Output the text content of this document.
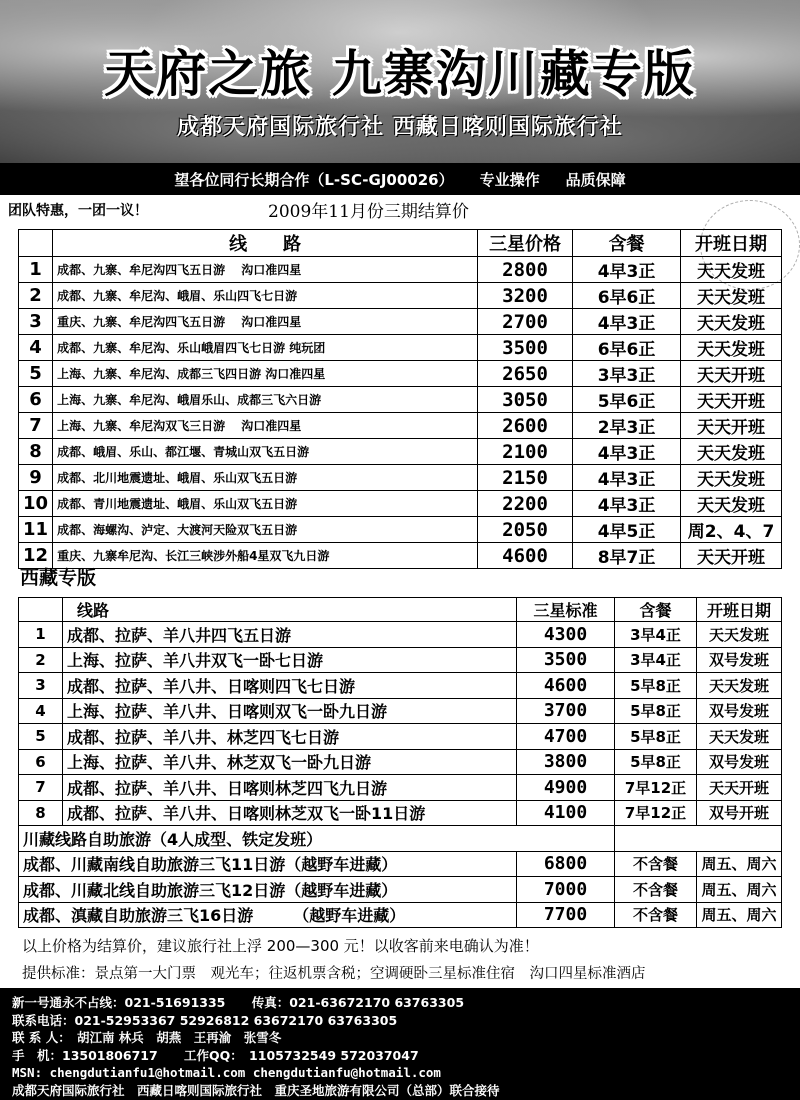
天府之旅 九寨沟川藏专版
成都天府国际旅行社 西藏日喀则国际旅行社
望各位同行长期合作（L-SC-GJ00026） 专业操作 品质保障
团队特惠，一团一议！	2009年11月份三期结算价
	线　　路	三星价格	含餐	开班日期
1	成都、九寨、牟尼沟四飞五日游　 沟口准四星	2800	4早3正	天天发班
2	成都、九寨、牟尼沟、峨眉、乐山四飞七日游	3200	6早6正	天天发班
3	重庆、九寨、牟尼沟四飞五日游　 沟口准四星	2700	4早3正	天天发班
4	成都、九寨、牟尼沟、乐山峨眉四飞七日游 纯玩团	3500	6早6正	天天发班
5	上海、九寨、牟尼沟、成都三飞四日游 沟口准四星	2650	3早3正	天天开班
6	上海、九寨、牟尼沟、峨眉乐山、成都三飞六日游	3050	5早6正	天天开班
7	上海、九寨、牟尼沟双飞三日游　 沟口准四星	2600	2早3正	天天开班
8	成都、峨眉、乐山、都江堰、青城山双飞五日游	2100	4早3正	天天发班
9	成都、北川地震遗址、峨眉、乐山双飞五日游	2150	4早3正	天天发班
10	成都、青川地震遗址、峨眉、乐山双飞五日游	2200	4早3正	天天发班
11	成都、海螺沟、泸定、大渡河天险双飞五日游	2050	4早5正	周2、4、7
12	重庆、九寨牟尼沟、长江三峡涉外船4星双飞九日游	4600	8早7正	天天开班
西藏专版
	线路	三星标准	含餐	开班日期
1	成都、拉萨、羊八井四飞五日游	4300	3早4正	天天发班
2	上海、拉萨、羊八井双飞一卧七日游	3500	3早4正	双号发班
3	成都、拉萨、羊八井、日喀则四飞七日游	4600	5早8正	天天发班
4	上海、拉萨、羊八井、日喀则双飞一卧九日游	3700	5早8正	双号发班
5	成都、拉萨、羊八井、林芝四飞七日游	4700	5早8正	天天发班
6	上海、拉萨、羊八井、林芝双飞一卧九日游	3800	5早8正	双号发班
7	成都、拉萨、羊八井、日喀则林芝四飞九日游	4900	7早12正	天天开班
8	成都、拉萨、羊八井、日喀则林芝双飞一卧11日游	4100	7早12正	双号开班
川藏线路自助旅游（4人成型、铁定发班）				
成都、川藏南线自助旅游三飞11日游（越野车进藏）		6800	不含餐	周五、周六
成都、川藏北线自助旅游三飞12日游（越野车进藏）		7000	不含餐	周五、周六
成都、滇藏自助旅游三飞16日游　　　（越野车进藏）		7700	不含餐	周五、周六
以上价格为结算价，建议旅行社上浮 200—300 元！以收客前来电确认为准！
提供标准：景点第一大门票　观光车；往返机票含税；空调硬卧三星标准住宿　沟口四星标准酒店
新一号通永不占线：021-51691335 传真：021-63672170 63763305
联系电话：021-52953367 52926812 63672170 63763305
联 系 人：　胡江南 林兵　胡燕　王再渝　张雪冬
手　机：13501806717 工作QQ：　1105732549 572037047
MSN: chengdutianfu1@hotmail.com chengdutianfu@hotmail.com
成都天府国际旅行社　西藏日喀则国际旅行社　重庆圣地旅游有限公司（总部）联合接待
